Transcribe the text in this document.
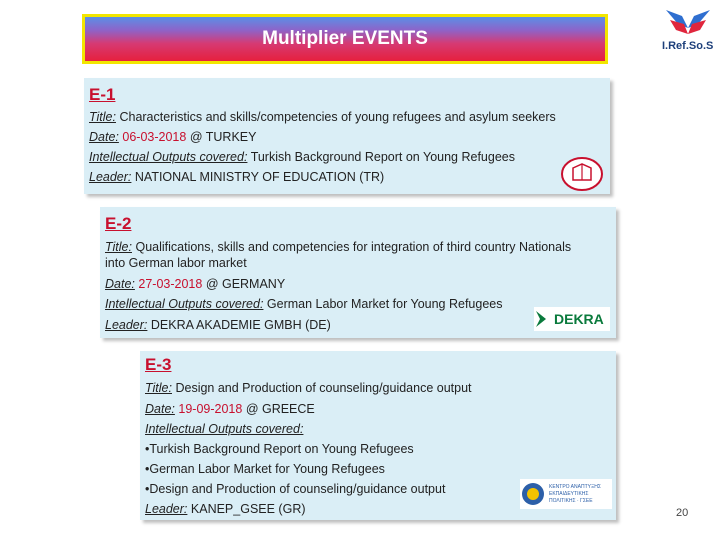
Multiplier EVENTS	I.Ref.So.S
E-1
Title: Characteristics and skills/competencies of young refugees and asylum seekers
Date: 06-03-2018 @ TURKEY
Intellectual Outputs covered: Turkish Background Report on Young Refugees
Leader: NATIONAL MINISTRY OF EDUCATION (TR)
E-2
Title: Qualifications, skills and competencies for integration of third country Nationals
into German labor market
Date: 27-03-2018 @ GERMANY
Intellectual Outputs covered: German Labor Market for Young Refugees
Leader: DEKRA AKADEMIE GMBH (DE)	DEKRA
E-3
Title: Design and Production of counseling/guidance output
Date: 19-09-2018 @ GREECE
Intellectual Outputs covered:
•Turkish Background Report on Young Refugees
•German Labor Market for Young Refugees
•Design and Production of counseling/guidance output
Leader: KANEP_GSEE (GR)
ΚΕΝΤΡΟ ΑΝΑΠΤΥΞΗΣ
ΕΚΠΑΙΔΕΥΤΙΚΗΣ
ΠΟΛΙΤΙΚΗΣ · ΓΣΕΕ
20
